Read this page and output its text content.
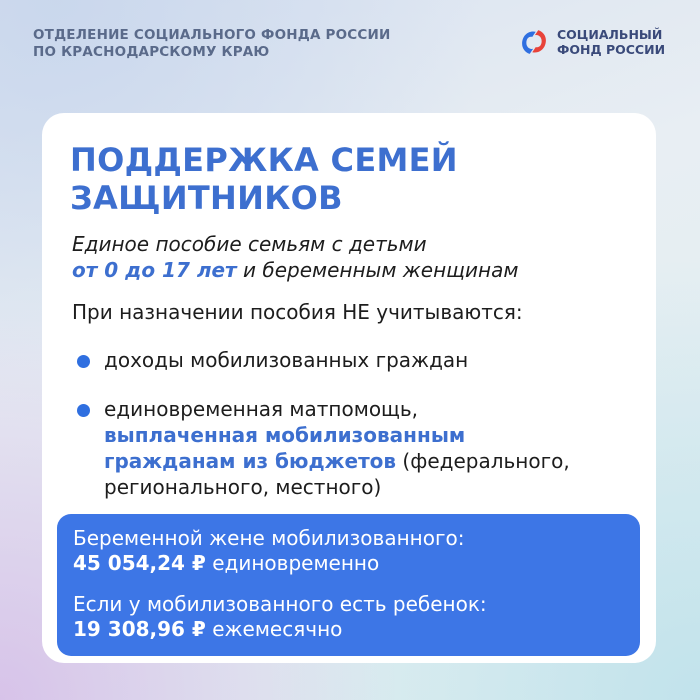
ОТДЕЛЕНИЕ СОЦИАЛЬНОГО ФОНДА РОССИИ
ПО КРАСНОДАРСКОМУ КРАЮ
СОЦИАЛЬНЫЙ
ФОНД РОССИИ
ПОДДЕРЖКА СЕМЕЙ ЗАЩИТНИКОВ
Единое пособие семьям с детьми
от 0 до 17 лет и беременным женщинам
При назначении пособия НЕ учитываются:
доходы мобилизованных граждан
единовременная матпомощь,
выплаченная мобилизованным гражданам из бюджетов (федерального, регионального, местного)
Беременной жене мобилизованного:
45 054,24 ₽ единовременно
Если у мобилизованного есть ребенок:
19 308,96 ₽ ежемесячно
